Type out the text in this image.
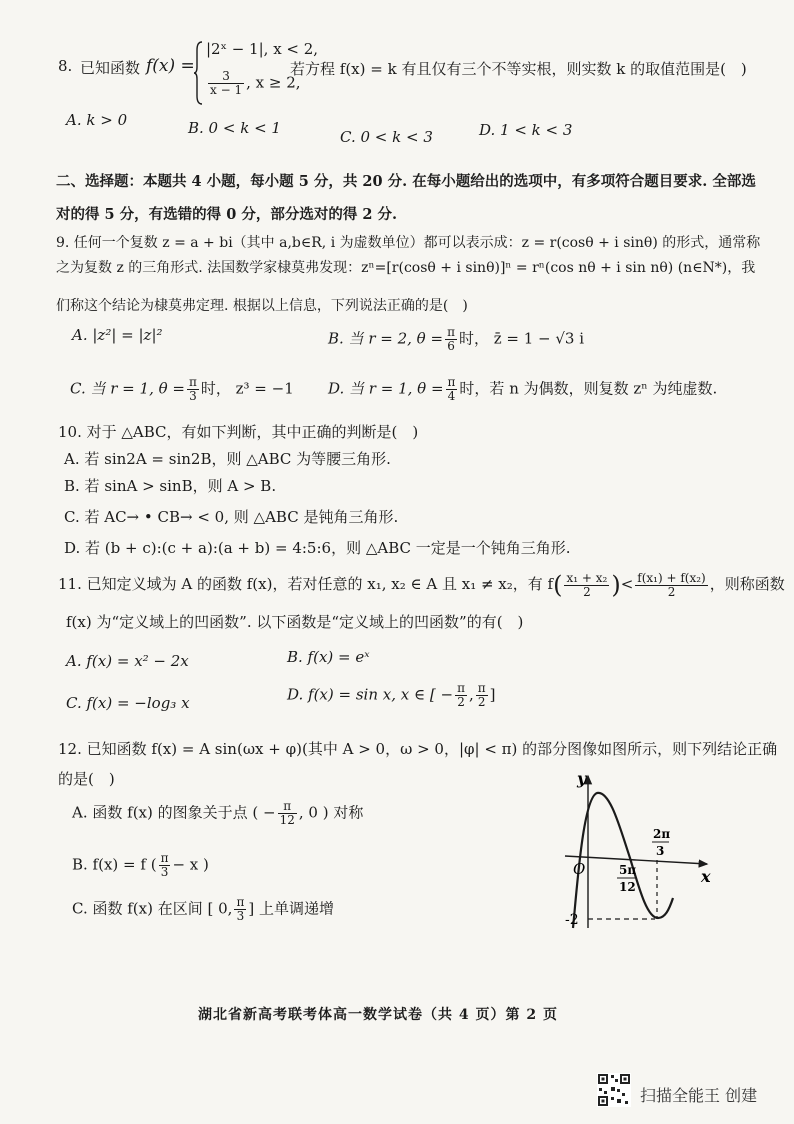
8. 已知函数 f(x) =
|2ˣ − 1|, x < 2,
$\frac{3}{x - 1}$ , x ≥ 2,
若方程 f(x) = k 有且仅有三个不等实根，则实数 k 的取值范围是(　)
A. k > 0	B. 0 < k < 1	C. 0 < k < 3	D. 1 < k < 3
二、选择题：本题共 4 小题，每小题 5 分，共 20 分. 在每小题给出的选项中，有多项符合题目要求. 全部选
对的得 5 分，有选错的得 0 分，部分选对的得 2 分.
9. 任何一个复数 z = a + bi（其中 a,b∈R, i 为虚数单位）都可以表示成：z = r(cosθ + i sinθ) 的形式，通常称
之为复数 z 的三角形式. 法国数学家棣莫弗发现：zⁿ=[r(cosθ + i sinθ)]ⁿ = rⁿ(cos nθ + i sin nθ) (n∈N*)，我
们称这个结论为棣莫弗定理. 根据以上信息，下列说法正确的是(　)
A. |z²| = |z|²	B. 当 r = 2, $\theta = \frac{\pi}{6}$ 时， z̄ = 1 − √3 i
C. 当 r = 1, $\theta = \frac{\pi}{3}$ 时， z³ = −1 D. 当 r = 1, $\theta = \frac{\pi}{4}$ 时，若 n 为偶数，则复数 zⁿ 为纯虚数.
10. 对于 △ABC，有如下判断，其中正确的判断是(　)
A. 若 sin2A = sin2B，则 △ABC 为等腰三角形.
B. 若 sinA > sinB，则 A > B.
C. 若 AC→ • CB→ < 0, 则 △ABC 是钝角三角形.
D. 若 (b + c):(c + a):(a + b) = 4:5:6，则 △ABC 一定是一个钝角三角形.
11. 已知定义域为 A 的函数 f(x)，若对任意的 x₁, x₂ ∈ A 且 x₁ ≠ x₂，有 $f( \frac{\text{x₁ + x₂}}{2}$ )< $\frac{\text{f(x₁) + f(x₂)}}{2}$ ，则称函数
f(x) 为“定义域上的凹函数”. 以下函数是“定义域上的凹函数”的有(　)
A. f(x) = x² − 2x	B. f(x) = eˣ
C. f(x) = −log₃ x	D. f(x) = sin x, x ∈ [ − $\frac{\pi}{2}$ , $\frac{\pi}{2}$ ]
12. 已知函数 f(x) = A sin(ωx + φ)(其中 A > 0，ω > 0，|φ| < π) 的部分图像如图所示，则下列结论正确
的是(　)
A. 函数 f(x) 的图象关于点 ( − $\frac{\pi}{12}$ , 0 ) 对称
B. f(x) = f ( $\frac{\pi}{3} - x$ )
C. 函数 f(x) 在区间 [ 0, $\frac{\pi}{3}$ ] 上单调递增
y
x
O	5π
12
2π
3
-2
湖北省新高考联考体高一数学试卷（共 4 页）第 2 页
扫描全能王 创建
